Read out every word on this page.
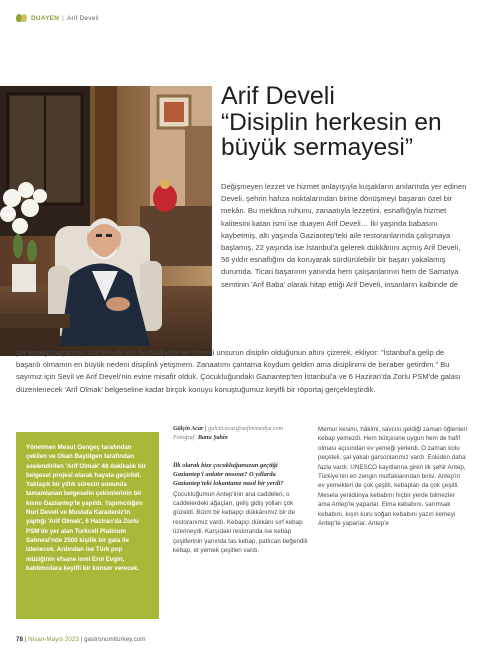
DUAYEN | Arif Develi
Arif Develi
“Disiplin herkesin en büyük sermayesi”
Değişmeyen lezzet ve hizmet anlayışıyla kuşakların anılarında yer edinen Develi, şehrin hafıza noktalarından birine dönüşmeyi başaran özel bir mekân. Bu mekâna ruhunu, zanaatıyla lezzetini, esnaflığıyla hizmet kalitesini katan ismi ise duayen Arif Develi… İki yaşında babasını kaybetmiş, altı yaşında Gaziantep'teki aile restoranlarında çalışmaya başlamış, 22 yaşında ise İstanbul'a gelerek dükkânını açmış Arif Develi, 56 yıldır esnaflığını da koruyarak sürdürülebilir bir başarı yakalamış durumda. Ticari başarının yanında hem çalışanlarının hem de Samatya semtinin 'Arif Baba' olarak hitap ettiği Arif Develi, insanların kalbinde de
yer etmeyi başarmış. Arif Develi tüm bu hikâyede en önemli unsurun disiplin olduğunun altını çizerek, ekliyor: "İstanbul'a gelip de başarılı olmamın en büyük nedeni disiplinli yetişmem. Zanaatımı çantama koydum geldim ama disiplinimi de beraber getirdim." Bu sayımız için Sevil ve Arif Develi'nin evine misafir olduk. Çocukluğundaki Gaziantep'ten İstanbul'a ve 6 Haziran'da Zorlu PSM'de galası düzenlenecek 'Arif Olmak' belgeseline kadar birçok konuyu konuştuğumuz keyifli bir röportaj gerçekleştirdik.

Yönetmen Mesut Gengeç tarafından çekilen ve Okan Bayülgen tarafından seslendirilen 'Arif Olmak' 48 dakikalık bir belgesel projesi olarak hayata geçirildi. Yaklaşık bir yıllık sürecin sonunda tamamlanan belgeselin çekimlerinin bir kısmı Gaziantep'te yapıldı. Yapımcılığını Nuri Develi ve Mustafa Karadeniz'in yaptığı 'Arif Olmak', 6 Haziran'da Zorlu PSM'de yer alan Turkcell Platinum Sahnesi'nde 2500 kişilik bir gala ile izlenecek. Ardından ise Türk pop müziğinin efsane ismi Erol Evgin, katılımcılara keyifli bir konser verecek.

Gülçin Acar | gulcin.acar@nefinemedya.com
Fotoğraf: Banu Şahin

İlk olarak bize çocukluğunuzun geçtiği Gaziantep'i anlatır mısınız? O yıllarda Gaziantep'teki lokantanız nasıl bir yerdi?

Çocukluğumun Antep'inin ana caddeleri, o caddelerdeki ağaçları, geliş gidiş yolları çok güzeldi. Bizim bir kebapçı dükkânımız bir de restoranımız vardı. Kebapçı dükkânı sırf kebap üzerineydi. Karşıdaki restoranda ise kebap çeşitlerinin yanında tas kebap, patlıcan beğendili kebap, et yemek çeşitleri vardı.

Memur kesimi, hâkimi, savcısı geldiği zaman öğlenleri kebap yemezdi. Hem bütçesine uygun hem de hafif olması açısından ev yemeği yerlerdi. O zaman kolu peçeteli, şal yakalı garsonlarımız vardı. Eskiden daha fazla vardı. UNESCO kayıtlarına giren ilk şehir Antep, Türkiye'nin en zengin mutfaklarından birisi. Antep'in ev yemekleri de çok çeşitli, kebapları da çok çeşitli. Mesela yenidünya kebabını hiçbir yerde bilmezler ama Antep'te yaparlar. Elma kebabını, sarımsak kebabını, kışın kuru soğan kebabını yazın kemeyi Antep'te yaparlar. Antep'e

78 | Nisan-Mayıs 2023 | gastronomiturkey.com
